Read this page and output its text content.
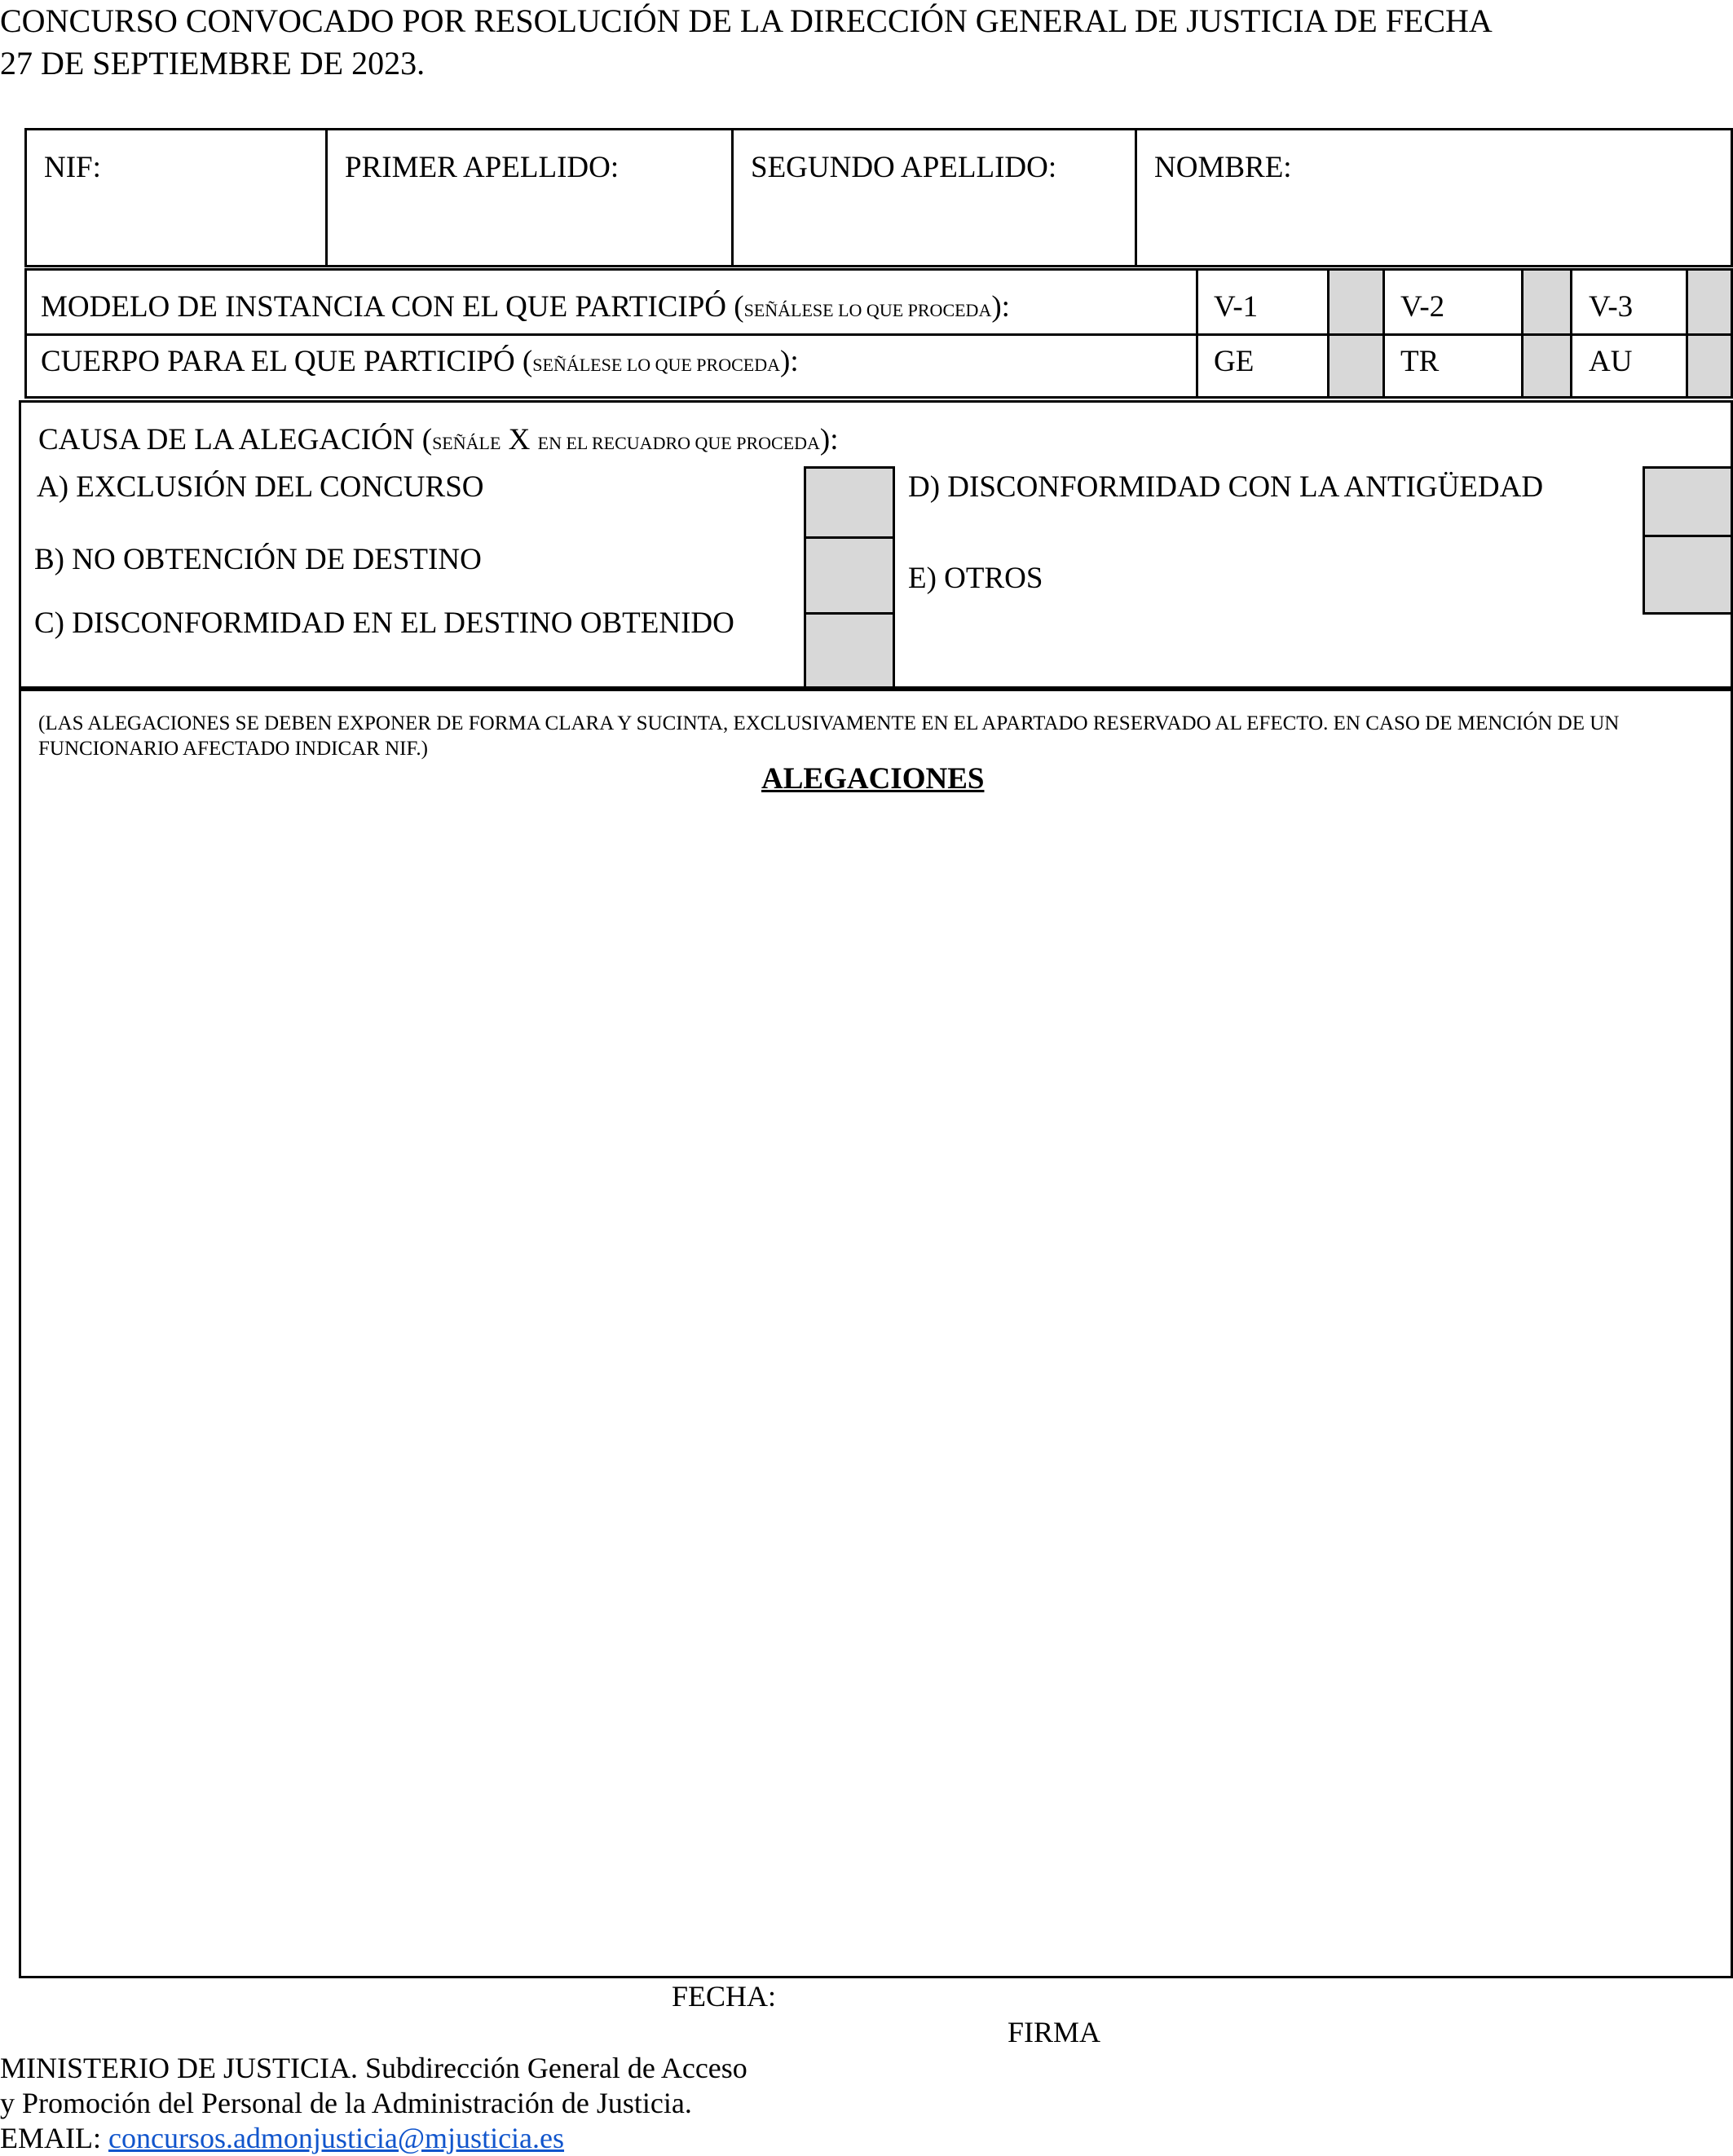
CONCURSO CONVOCADO POR RESOLUCIÓN DE LA DIRECCIÓN GENERAL DE JUSTICIA DE FECHA
27 DE SEPTIEMBRE DE 2023.
NIF:	PRIMER APELLIDO:	SEGUNDO APELLIDO:	NOMBRE:
MODELO DE INSTANCIA CON EL QUE PARTICIPÓ (SEÑÁLESE LO QUE PROCEDA):	V-1	V-2	V-3
CUERPO PARA EL QUE PARTICIPÓ (SEÑÁLESE LO QUE PROCEDA):	GE	TR	AU
CAUSA DE LA ALEGACIÓN (SEÑÁLE X EN EL RECUADRO QUE PROCEDA):
A) EXCLUSIÓN DEL CONCURSO
B) NO OBTENCIÓN DE DESTINO
C) DISCONFORMIDAD EN EL DESTINO OBTENIDO
D) DISCONFORMIDAD CON LA ANTIGÜEDAD
E) OTROS
(LAS ALEGACIONES SE DEBEN EXPONER DE FORMA CLARA Y SUCINTA, EXCLUSIVAMENTE EN EL APARTADO RESERVADO AL EFECTO. EN CASO DE MENCIÓN DE UN FUNCIONARIO AFECTADO INDICAR NIF.)
ALEGACIONES
FECHA:
FIRMA
MINISTERIO DE JUSTICIA. Subdirección General de Acceso
y Promoción del Personal de la Administración de Justicia.
EMAIL: concursos.admonjusticia@mjusticia.es
